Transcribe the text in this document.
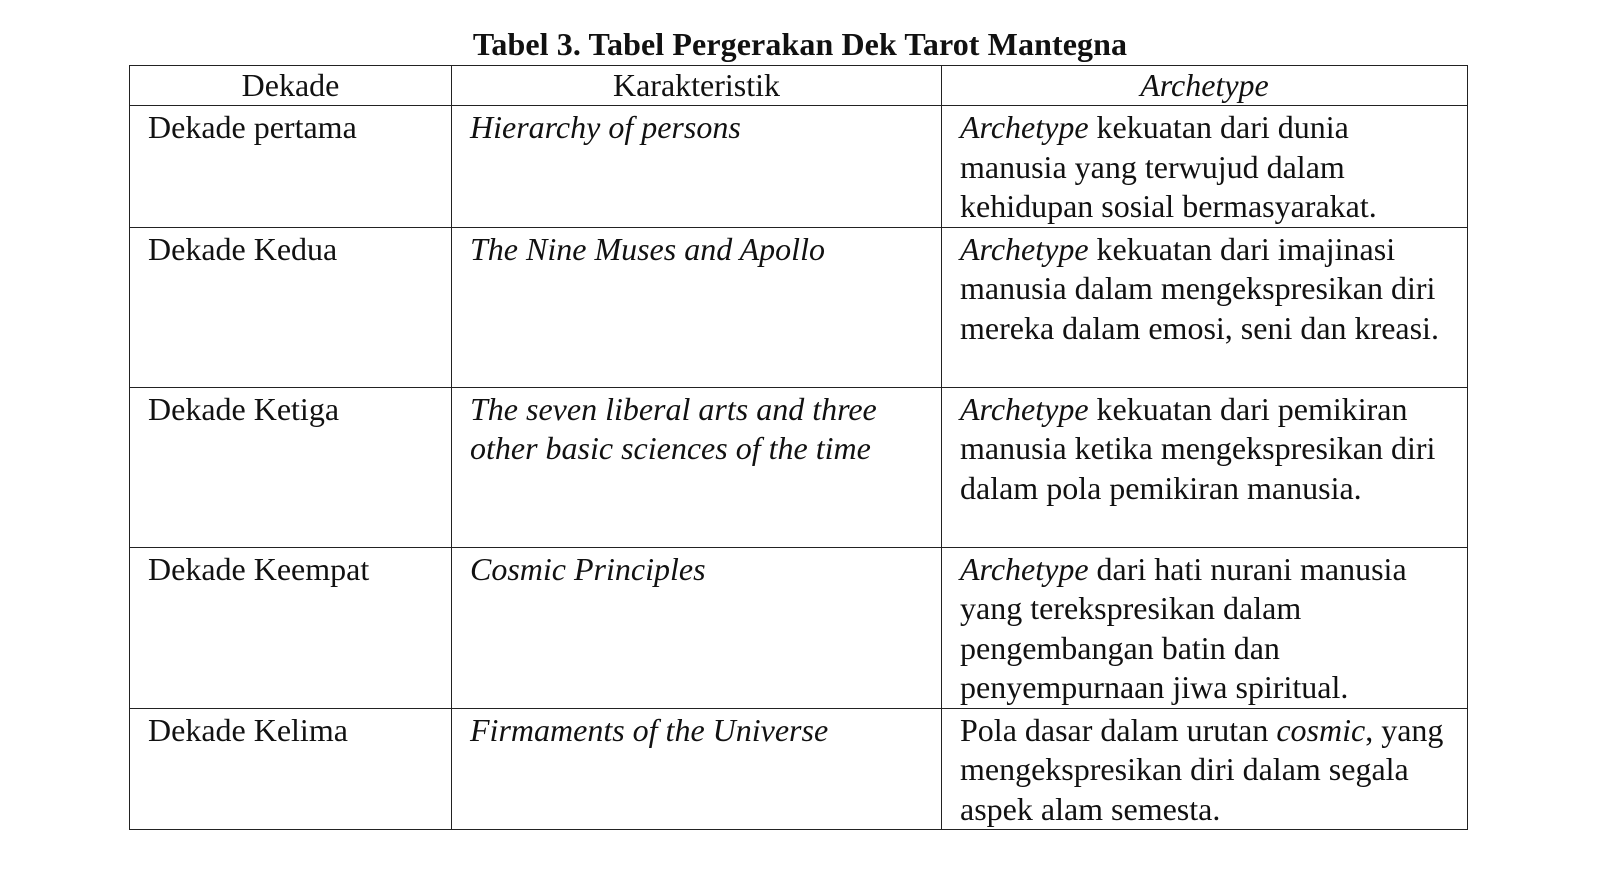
Tabel 3. Tabel Pergerakan Dek Tarot Mantegna
Dekade	Karakteristik	Archetype
Dekade pertama	Hierarchy of persons	Archetype kekuatan dari dunia manusia yang terwujud dalam kehidupan sosial bermasyarakat.
Dekade Kedua	The Nine Muses and Apollo	Archetype kekuatan dari imajinasi manusia dalam mengekspresikan diri mereka dalam emosi, seni dan kreasi.
Dekade Ketiga	The seven liberal arts and three other basic sciences of the time	Archetype kekuatan dari pemikiran manusia ketika mengekspresikan diri dalam pola pemikiran manusia.
Dekade Keempat	Cosmic Principles	Archetype dari hati nurani manusia yang terekspresikan dalam pengembangan batin dan penyempurnaan jiwa spiritual.
Dekade Kelima	Firmaments of the Universe	Pola dasar dalam urutan cosmic, yang mengekspresikan diri dalam segala aspek alam semesta.
